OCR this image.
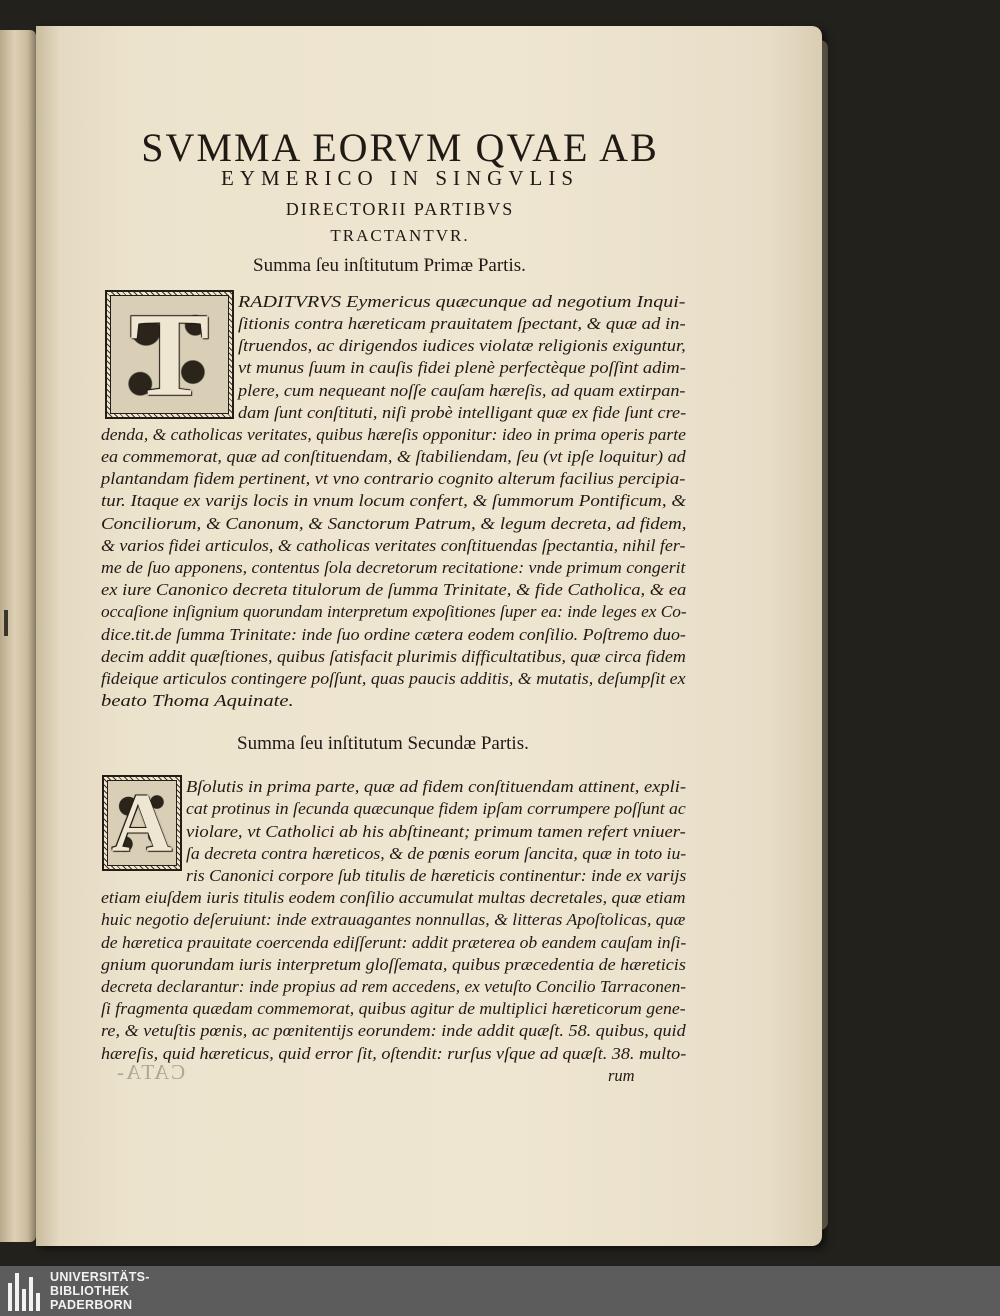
SVMMA EORVM QVAE AB
EYMERICO IN SINGVLIS
DIRECTORII PARTIBVS
TRACTANTVR.
Summa ſeu inſtitutum Primæ Partis.
T	RADITVRVS Eymericus quæcunque ad negotium Inqui-
ſitionis contra hæreticam prauitatem ſpectant, & quæ ad in-
ſtruendos, ac dirigendos iudices violatæ religionis exiguntur,
vt munus ſuum in cauſis fidei plenè perfectèque poſſint adim-
plere, cum nequeant noſſe cauſam hæreſis, ad quam extirpan-
dam ſunt conſtituti, niſi probè intelligant quæ ex fide ſunt cre-
denda, & catholicas veritates, quibus hæreſis opponitur: ideo in prima operis parte
ea commemorat, quæ ad conſtituendam, & ſtabiliendam, ſeu (vt ipſe loquitur) ad
plantandam fidem pertinent, vt vno contrario cognito alterum facilius percipia-
tur. Itaque ex varijs locis in vnum locum confert, & ſummorum Pontificum, &
Conciliorum, & Canonum, & Sanctorum Patrum, & legum decreta, ad fidem,
& varios fidei articulos, & catholicas veritates conſtituendas ſpectantia, nihil fer-
me de ſuo apponens, contentus ſola decretorum recitatione: vnde primum congerit
ex iure Canonico decreta titulorum de ſumma Trinitate, & fide Catholica, & ea
occaſione inſignium quorundam interpretum expoſitiones ſuper ea: inde leges ex Co-
dice.tit.de ſumma Trinitate: inde ſuo ordine cætera eodem conſilio. Poſtremo duo-
decim addit quæſtiones, quibus ſatisfacit plurimis difficultatibus, quæ circa fidem
fideique articulos contingere poſſunt, quas paucis additis, & mutatis, deſumpſit ex
beato Thoma Aquinate.
Summa ſeu inſtitutum Secundæ Partis.
A Bſolutis in prima parte, quæ ad fidem conſtituendam attinent, expli-
cat protinus in ſecunda quæcunque fidem ipſam corrumpere poſſunt ac
violare, vt Catholici ab his abſtineant; primum tamen refert vniuer-
ſa decreta contra hæreticos, & de pœnis eorum ſancita, quæ in toto iu-
ris Canonici corpore ſub titulis de hæreticis continentur: inde ex varijs
etiam eiuſdem iuris titulis eodem conſilio accumulat multas decretales, quæ etiam
huic negotio deſeruiunt: inde extrauagantes nonnullas, & litteras Apoſtolicas, quæ
de hæretica prauitate coercenda ediſſerunt: addit præterea ob eandem cauſam inſi-
gnium quorundam iuris interpretum gloſſemata, quibus præcedentia de hæreticis
decreta declarantur: inde propius ad rem accedens, ex vetuſto Concilio Tarraconen-
ſi fragmenta quædam commemorat, quibus agitur de multiplici hæreticorum gene-
re, & vetuſtis pœnis, ac pœnitentijs eorundem: inde addit quæſt. 58. quibus, quid
hæreſis, quid hæreticus, quid error ſit, oſtendit: rurſus vſque ad quæſt. 38. multo-
rum
CATA-
UNIVERSITÄTS-
BIBLIOTHEK
PADERBORN
